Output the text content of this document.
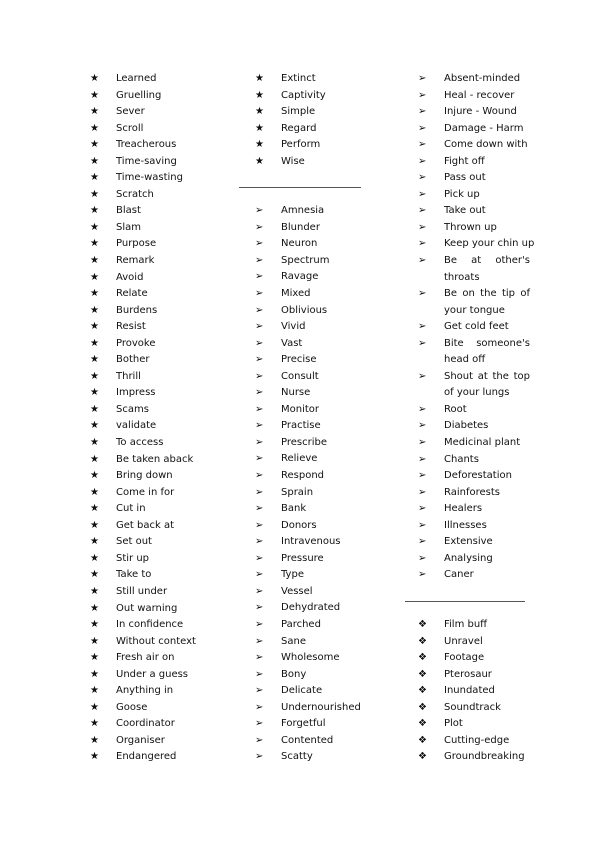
★	Learned
★	Gruelling
★	Sever
★	Scroll
★	Treacherous
★	Time-saving
★	Time-wasting
★	Scratch
★	Blast
★	Slam
★	Purpose
★	Remark
★	Avoid
★	Relate
★	Burdens
★	Resist
★	Provoke
★	Bother
★	Thrill
★	Impress
★	Scams
★	validate
★	To access
★	Be taken aback
★	Bring down
★	Come in for
★	Cut in
★	Get back at
★	Set out
★	Stir up
★	Take to
★	Still under
★	Out warning
★	In confidence
★	Without context
★	Fresh air on
★	Under a guess
★	Anything in
★	Goose
★	Coordinator
★	Organiser
★	Endangered
★	Extinct
★	Captivity
★	Simple
★	Regard
★	Perform
★	Wise
➢	Amnesia
➢	Blunder
➢	Neuron
➢	Spectrum
➢	Ravage
➢	Mixed
➢	Oblivious
➢	Vivid
➢	Vast
➢	Precise
➢	Consult
➢	Nurse
➢	Monitor
➢	Practise
➢	Prescribe
➢	Relieve
➢	Respond
➢	Sprain
➢	Bank
➢	Donors
➢	Intravenous
➢	Pressure
➢	Type
➢	Vessel
➢	Dehydrated
➢	Parched
➢	Sane
➢	Wholesome
➢	Bony
➢	Delicate
➢	Undernourished
➢	Forgetful
➢	Contented
➢	Scatty
➢	Absent-minded
➢	Heal - recover
➢	Injure - Wound
➢	Damage - Harm
➢	Come down with
➢	Fight off
➢	Pass out
➢	Pick up
➢	Take out
➢	Thrown up
➢	Keep your chin up
➢	Be at other's throats
➢	Be on the tip of your tongue
➢	Get cold feet
➢	Bite someone's head off
➢	Shout at the top of your lungs
➢	Root
➢	Diabetes
➢	Medicinal plant
➢	Chants
➢	Deforestation
➢	Rainforests
➢	Healers
➢	Illnesses
➢	Extensive
➢	Analysing
➢	Caner
❖	Film buff
❖	Unravel
❖	Footage
❖	Pterosaur
❖	Inundated
❖	Soundtrack
❖	Plot
❖	Cutting-edge
❖	Groundbreaking
